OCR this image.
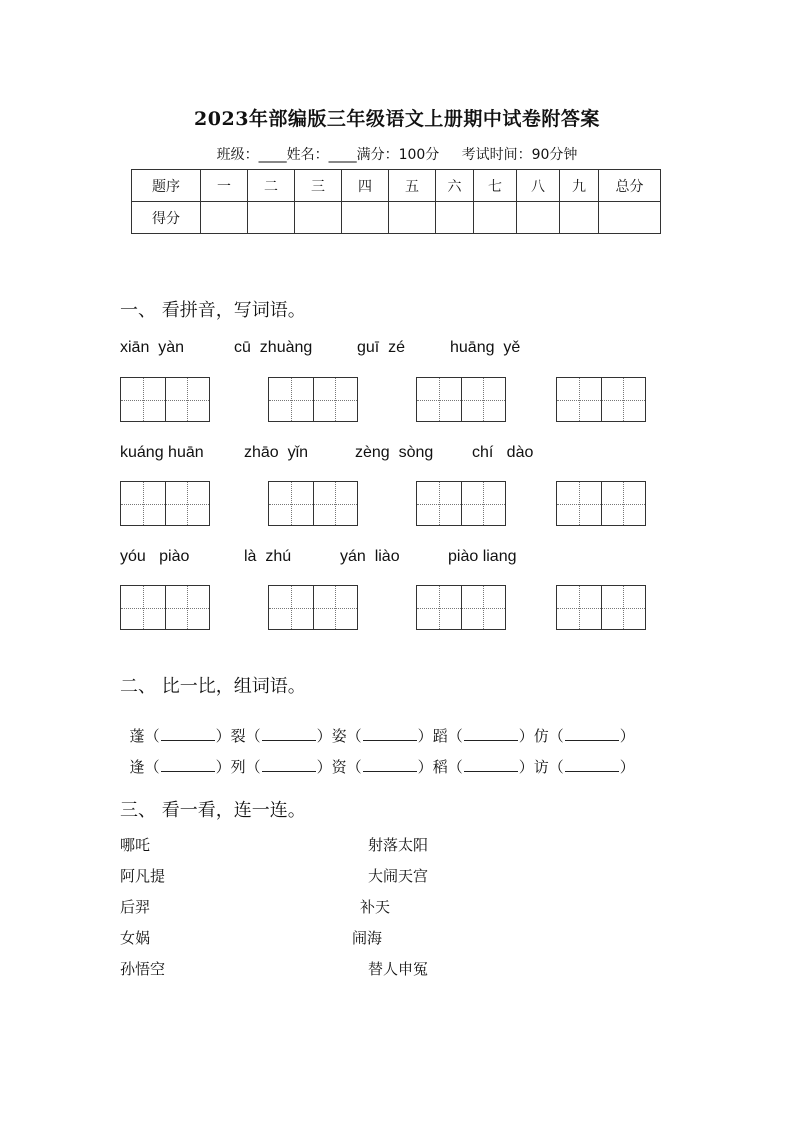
2023年部编版三年级语文上册期中试卷附答案
班级：____姓名：____满分：100分 考试时间：90分钟
题序	一	二	三	四	五	六	七	八	九	总分
得分										
一、 看拼音，写词语。
xiān  yàn	cū  zhuàng	guī  zé	huāng  yě
kuáng huān	zhāo  yǐn	zèng  sòng chí   dào
yóu   piào	là  zhú	yán  liào	piào liang
二、 比一比，组词语。

蓬（	）裂（	）姿（	）蹈（	）仿（	）

逢（	）列（	）资（	）稻（	）访（	）

三、 看一看，连一连。
哪吒
阿凡提
后羿
女娲
孙悟空
射落太阳
大闹天宫
补天
闹海
替人申冤
